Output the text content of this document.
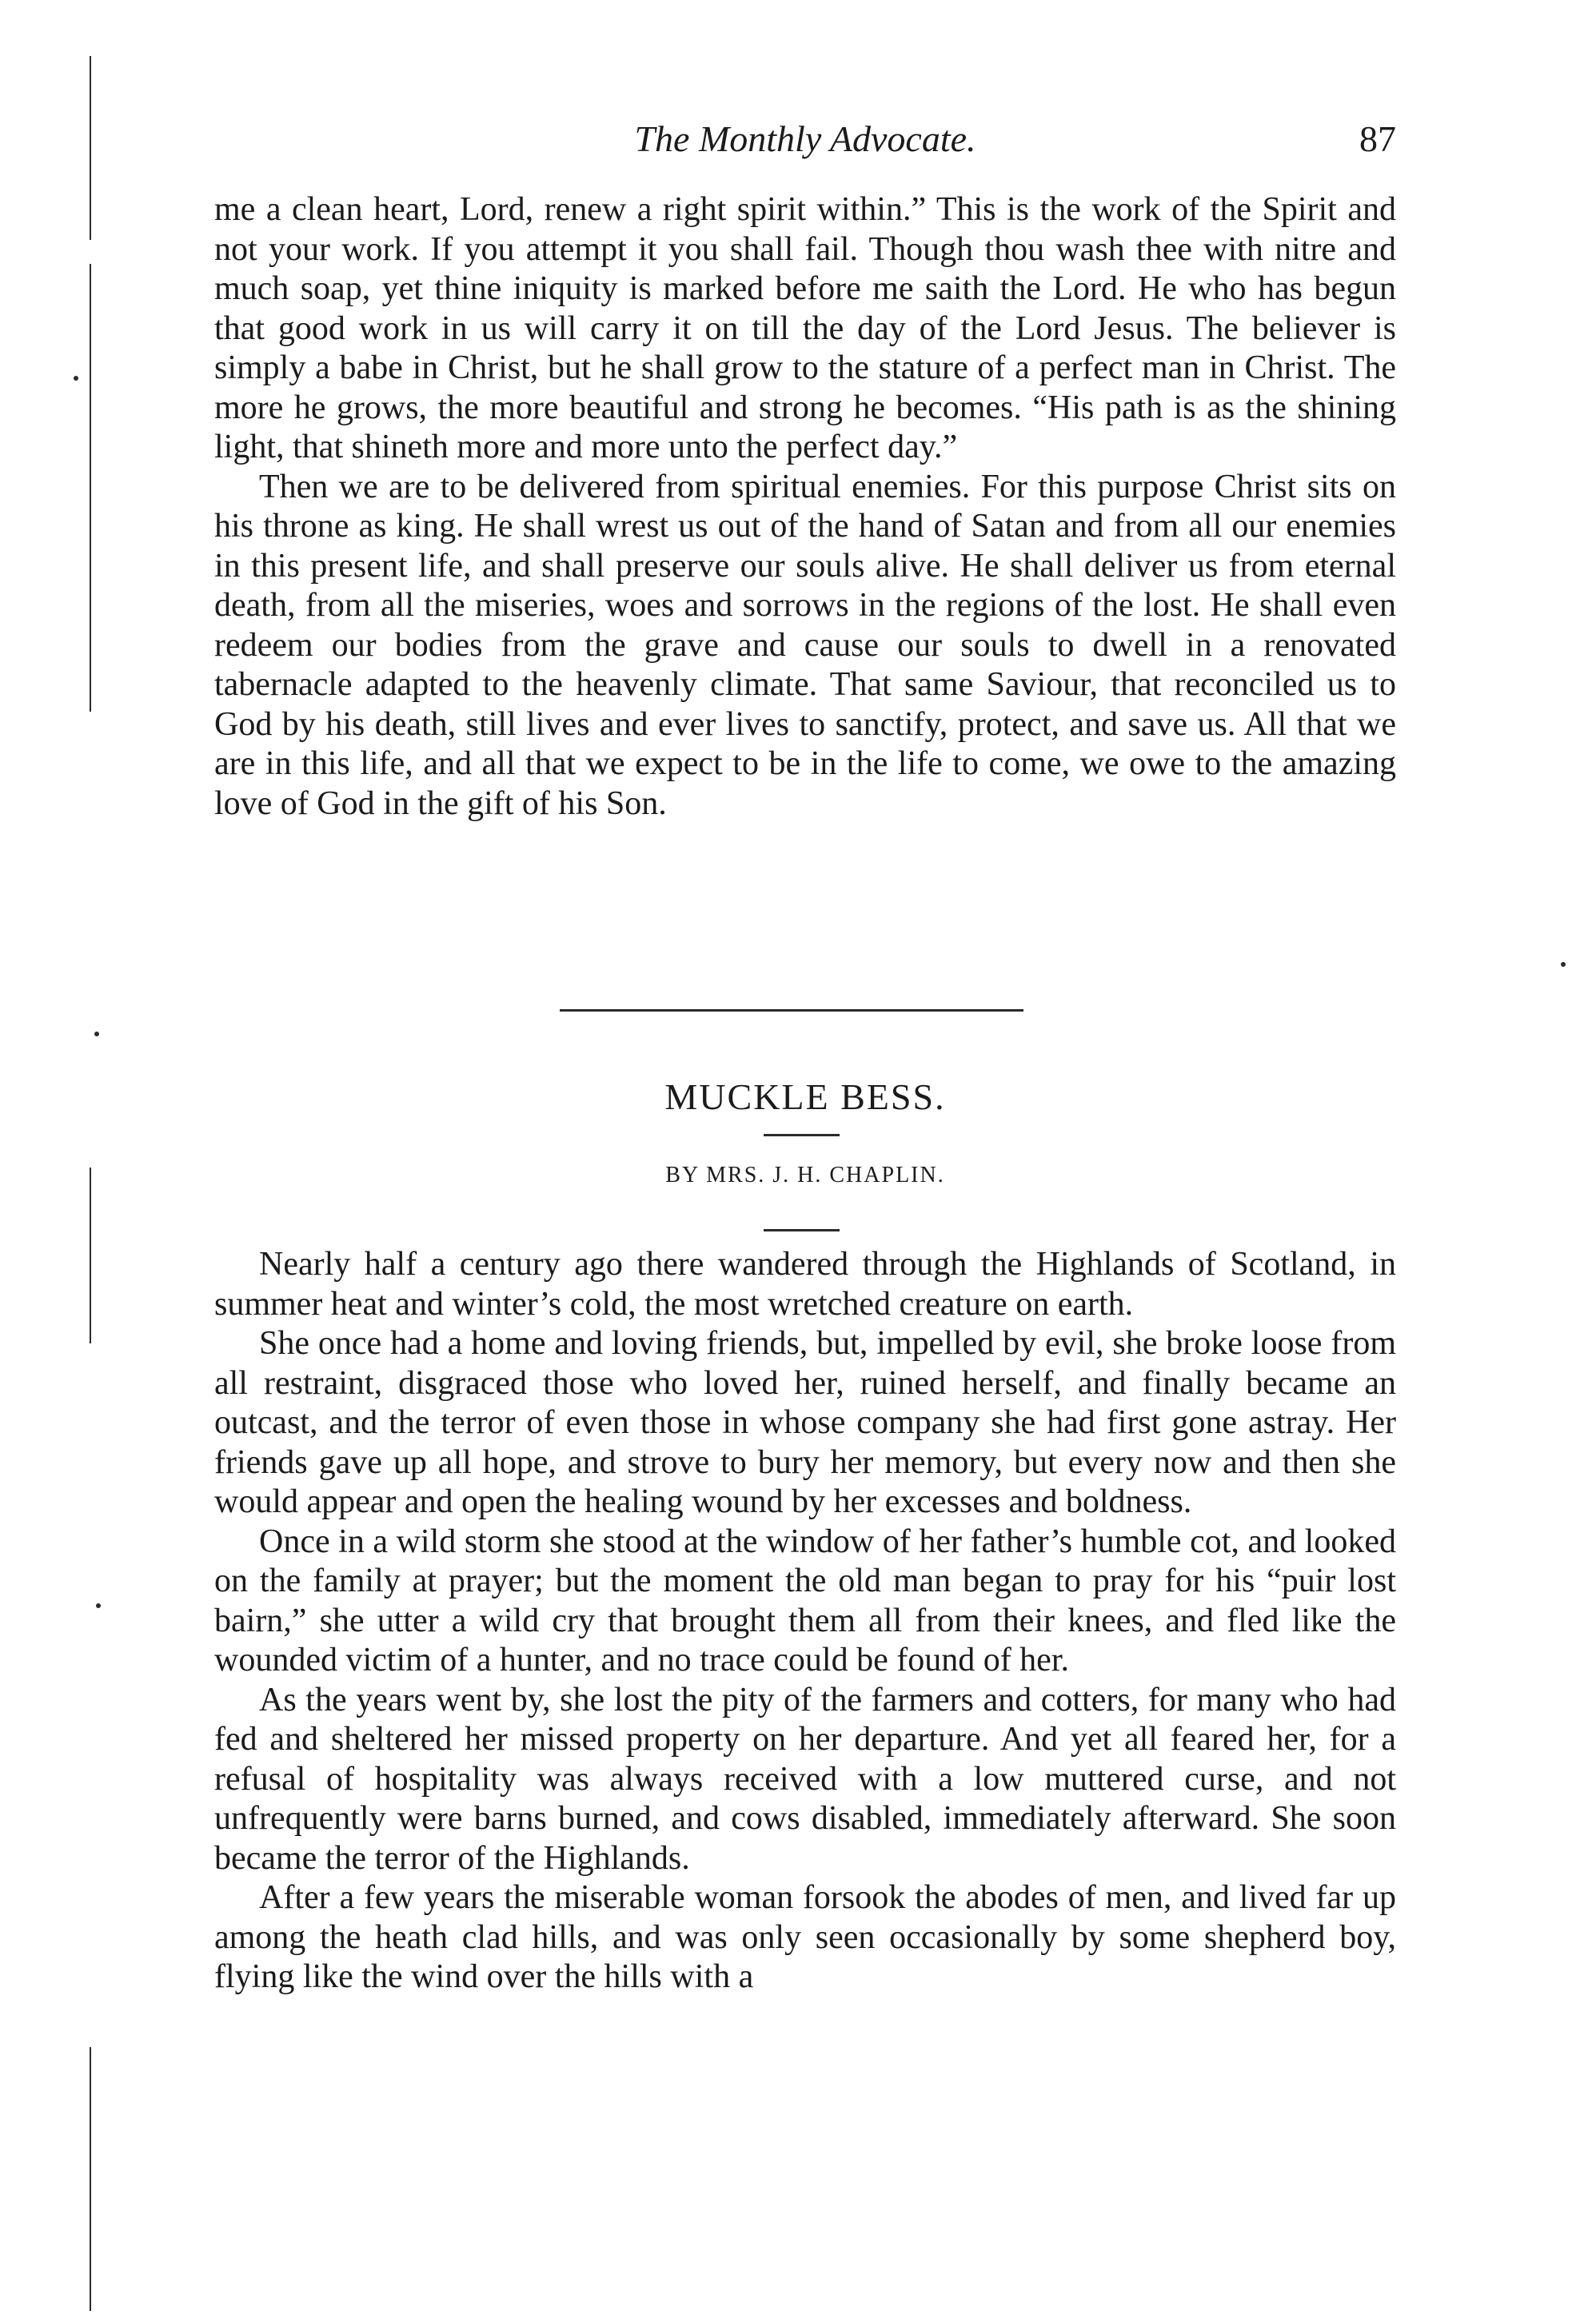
The Monthly Advocate.	87

me a clean heart, Lord, renew a right spirit within.” This is the work of the Spirit and not your work. If you attempt it you shall fail. Though thou wash thee with nitre and much soap, yet thine iniquity is marked before me saith the Lord. He who has begun that good work in us will carry it on till the day of the Lord Jesus. The believer is simply a babe in Christ, but he shall grow to the stature of a perfect man in Christ. The more he grows, the more beautiful and strong he becomes. “His path is as the shining light, that shineth more and more unto the perfect day.”

Then we are to be delivered from spiritual enemies. For this purpose Christ sits on his throne as king. He shall wrest us out of the hand of Satan and from all our enemies in this present life, and shall preserve our souls alive. He shall deliver us from eternal death, from all the miseries, woes and sorrows in the regions of the lost. He shall even redeem our bodies from the grave and cause our souls to dwell in a renovated tabernacle adapted to the heavenly climate. That same Saviour, that reconciled us to God by his death, still lives and ever lives to sanctify, protect, and save us. All that we are in this life, and all that we expect to be in the life to come, we owe to the amazing love of God in the gift of his Son.

MUCKLE BESS.
BY MRS. J. H. CHAPLIN.

Nearly half a century ago there wandered through the Highlands of Scotland, in summer heat and winter’s cold, the most wretched creature on earth.

She once had a home and loving friends, but, impelled by evil, she broke loose from all restraint, disgraced those who loved her, ruined herself, and finally became an outcast, and the terror of even those in whose company she had first gone astray. Her friends gave up all hope, and strove to bury her memory, but every now and then she would appear and open the healing wound by her excesses and boldness.

Once in a wild storm she stood at the window of her father’s humble cot, and looked on the family at prayer; but the moment the old man began to pray for his “puir lost bairn,” she utter a wild cry that brought them all from their knees, and fled like the wounded victim of a hunter, and no trace could be found of her.

As the years went by, she lost the pity of the farmers and cotters, for many who had fed and sheltered her missed property on her departure. And yet all feared her, for a refusal of hospitality was always received with a low muttered curse, and not unfrequently were barns burned, and cows disabled, immediately afterward. She soon became the terror of the Highlands.

After a few years the miserable woman forsook the abodes of men, and lived far up among the heath clad hills, and was only seen occasionally by some shepherd boy, flying like the wind over the hills with a
